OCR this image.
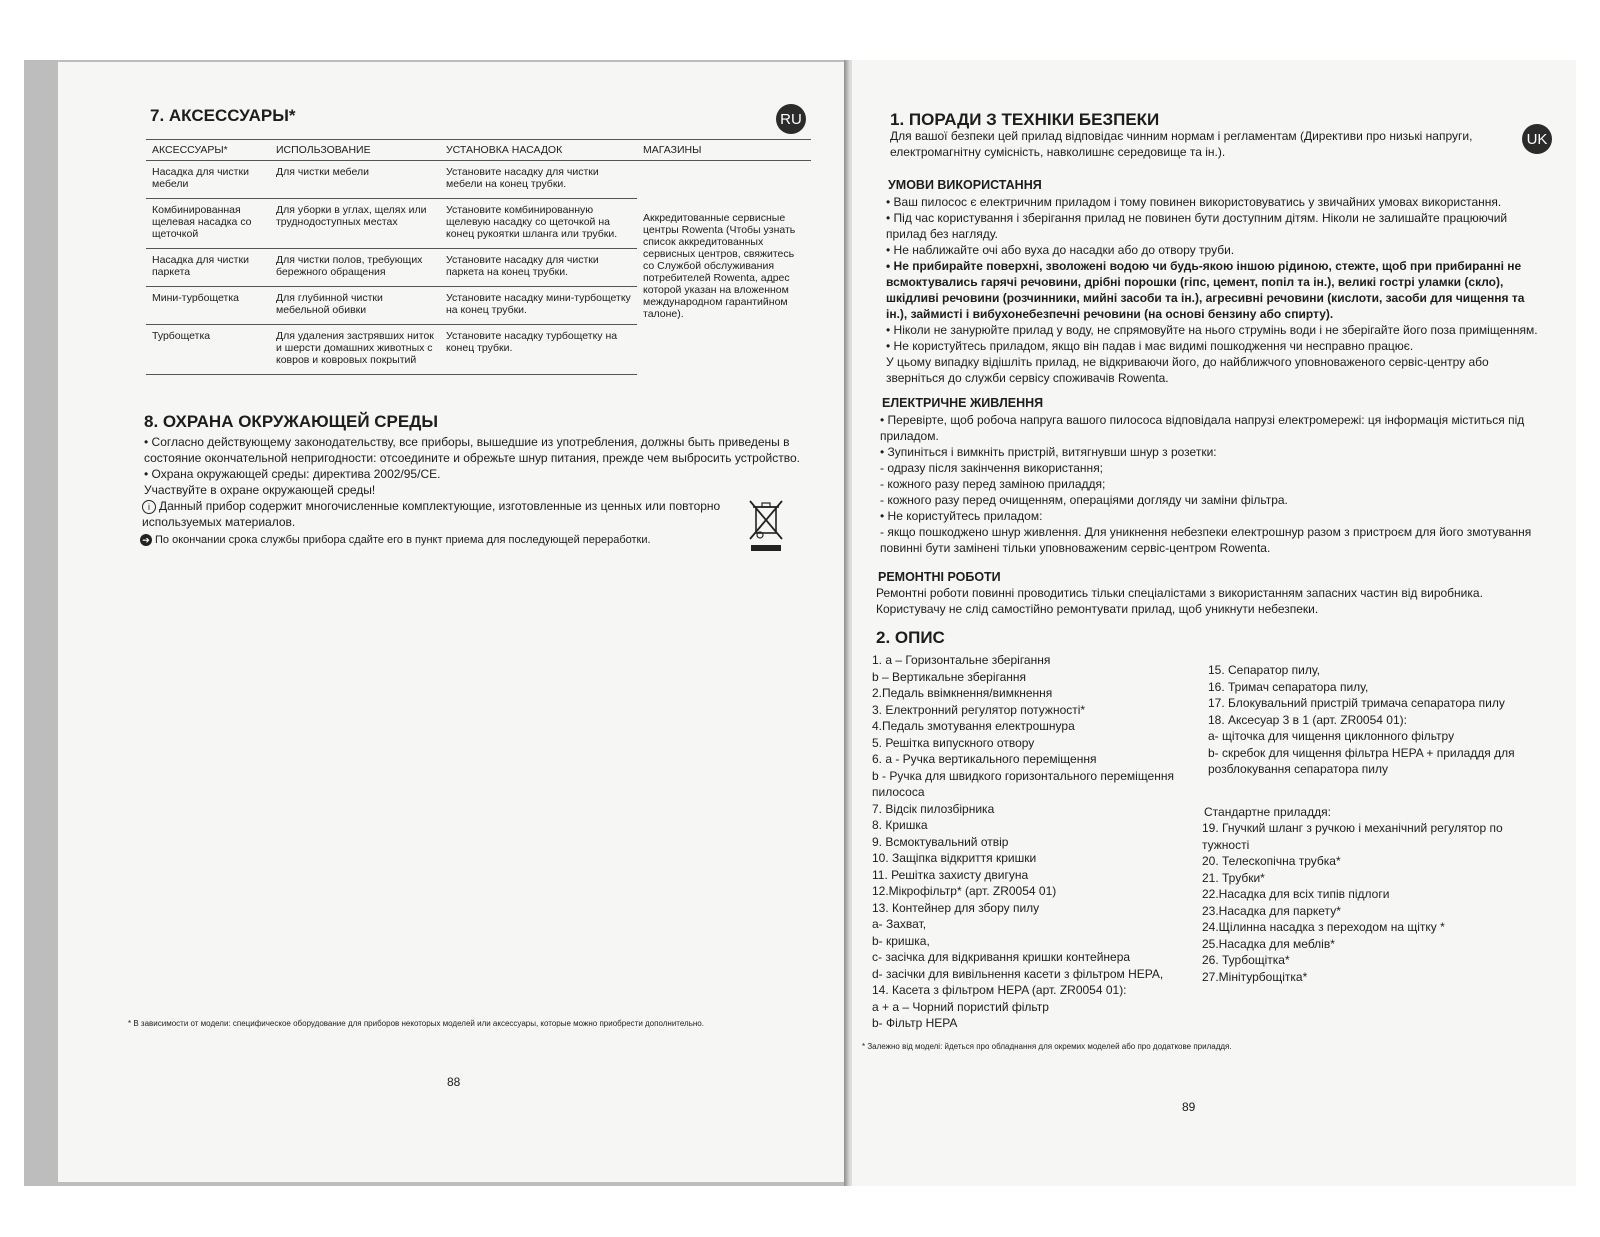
7. АКСЕССУАРЫ*	RU
АКСЕССУАРЫ*	ИСПОЛЬЗОВАНИЕ	УСТАНОВКА НАСАДОК	МАГАЗИНЫ
Насадка для чистки мебели	Для чистки мебели	Установите насадку для чистки мебели на конец трубки.	Аккредитованные сервисные центры Rowenta (Чтобы узнать список аккредитованных сервисных центров, свяжитесь со Службой обслуживания потребителей Rowenta, адрес которой указан на вложенном международном гарантийном талоне).
Комбинированная щелевая насадка со щеточкой	Для уборки в углах, щелях или труднодоступных местах	Установите комбинированную щелевую насадку со щеточкой на конец рукоятки шланга или трубки.	
Насадка для чистки паркета	Для чистки полов, требующих бережного обращения	Установите насадку для чистки паркета на конец трубки.	
Мини-турбощетка	Для глубинной чистки мебельной обивки	Установите насадку мини-турбощетку на конец трубки.	
Турбощетка	Для удаления застрявших ниток и шерсти домашних животных с ковров и ковровых покрытий	Установите насадку турбощетку на конец трубки.	
8. ОХРАНА ОКРУЖАЮЩЕЙ СРЕДЫ
• Согласно действующему законодательству, все приборы, вышедшие из употребления, должны быть приведены в состояние окончательной непригодности: отсоедините и обрежьте шнур питания, прежде чем выбросить устройство.
• Охрана окружающей среды: директива 2002/95/CE.
Участвуйте в охране окружающей среды!
i Данный прибор содержит многочисленные комплектующие, изготовленные из ценных или повторно используемых материалов.
➔ По окончании срока службы прибора сдайте его в пункт приема для последующей переработки.
* В зависимости от модели: специфическое оборудование для приборов некоторых моделей или аксессуары, которые можно приобрести дополнительно.
88
1. ПОРАДИ З ТЕХНІКИ БЕЗПЕКИ
UK
Для вашої безпеки цей прилад відповідає чинним нормам і регламентам (Директиви про низькі напруги, електромагнітну сумісність, навколишнє середовище та ін.).
УМОВИ ВИКОРИСТАННЯ
• Ваш пилосос є електричним приладом і тому повинен використовуватись у звичайних умовах використання.
• Під час користування і зберігання прилад не повинен бути доступним дітям. Ніколи не залишайте працюючий прилад без нагляду.
• Не наближайте очі або вуха до насадки або до отвору труби.
• Не прибирайте поверхні, зволожені водою чи будь-якою іншою рідиною, стежте, щоб при прибиранні не всмоктувались гарячі речовини, дрібні порошки (гіпс, цемент, попіл та ін.), великі гострі уламки (скло), шкідливі речовини (розчинники, мийні засоби та ін.), агресивні речовини (кислоти, засоби для чищення та ін.), займисті і вибухонебезпечні речовини (на основі бензину або спирту).
• Ніколи не занурюйте прилад у воду, не спрямовуйте на нього струмінь води і не зберігайте його поза приміщенням.
• Не користуйтесь приладом, якщо він падав і має видимі пошкодження чи несправно працює.
У цьому випадку відішліть прилад, не відкриваючи його, до найближчого уповноваженого сервіс-центру або зверніться до служби сервісу споживачів Rowenta.
ЕЛЕКТРИЧНЕ ЖИВЛЕННЯ
• Перевірте, щоб робоча напруга вашого пилососа відповідала напрузі електромережі: ця інформація міститься під приладом.
• Зупиніться і вимкніть пристрій, витягнувши шнур з розетки:
- одразу після закінчення використання;
- кожного разу перед заміною приладдя;
- кожного разу перед очищенням, операціями догляду чи заміни фільтра.
• Не користуйтесь приладом:
- якщо пошкоджено шнур живлення. Для уникнення небезпеки електрошнур разом з пристроєм для його змотування повинні бути замінені тільки уповноваженим сервіс-центром Rowenta.
РЕМОНТНІ РОБОТИ
Ремонтні роботи повинні проводитись тільки спеціалістами з використанням запасних частин від виробника. Користувачу не слід самостійно ремонтувати прилад, щоб уникнути небезпеки.
2. ОПИС
1. a – Горизонтальне зберігання
b – Вертикальне зберігання
2.Педаль ввімкнення/вимкнення
3. Електронний регулятор потужності*
4.Педаль змотування електрошнура
5. Решітка випускного отвору
6. a - Ручка вертикального переміщення
b - Ручка для швидкого горизонтального переміщення пилососа
7. Відсік пилозбірника
8. Кришка
9. Всмоктувальний отвір
10. Защіпка відкриття кришки
11. Решітка захисту двигуна
12.Мікрофільтр* (арт. ZR0054 01)
13. Контейнер для збору пилу
a- Захват,
b- кришка,
c- засічка для відкривання кришки контейнера
d- засічки для вивільнення касети з фільтром HEPA,
14. Касета з фільтром HEPA (арт. ZR0054 01):
a + a – Чорний пористий фільтр
b- Фільтр HEPA
15. Сепаратор пилу,
16. Тримач сепаратора пилу,
17. Блокувальний пристрій тримача сепаратора пилу
18. Аксесуар 3 в 1 (арт. ZR0054 01):
a- щіточка для чищення циклонного фільтру
b- скребок для чищення фільтра HEPA + приладдя для розблокування сепаратора пилу
Стандартне приладдя:
19. Гнучкий шланг з ручкою і механічний регулятор по тужності
20. Телескопічна трубка*
21. Трубки*
22.Насадка для всіх типів підлоги
23.Насадка для паркету*
24.Щілинна насадка з переходом на щітку *
25.Насадка для меблів*
26. Турбощітка*
27.Мінітурбощітка*
* Залежно від моделі: йдеться про обладнання для окремих моделей або про додаткове приладдя.
89
